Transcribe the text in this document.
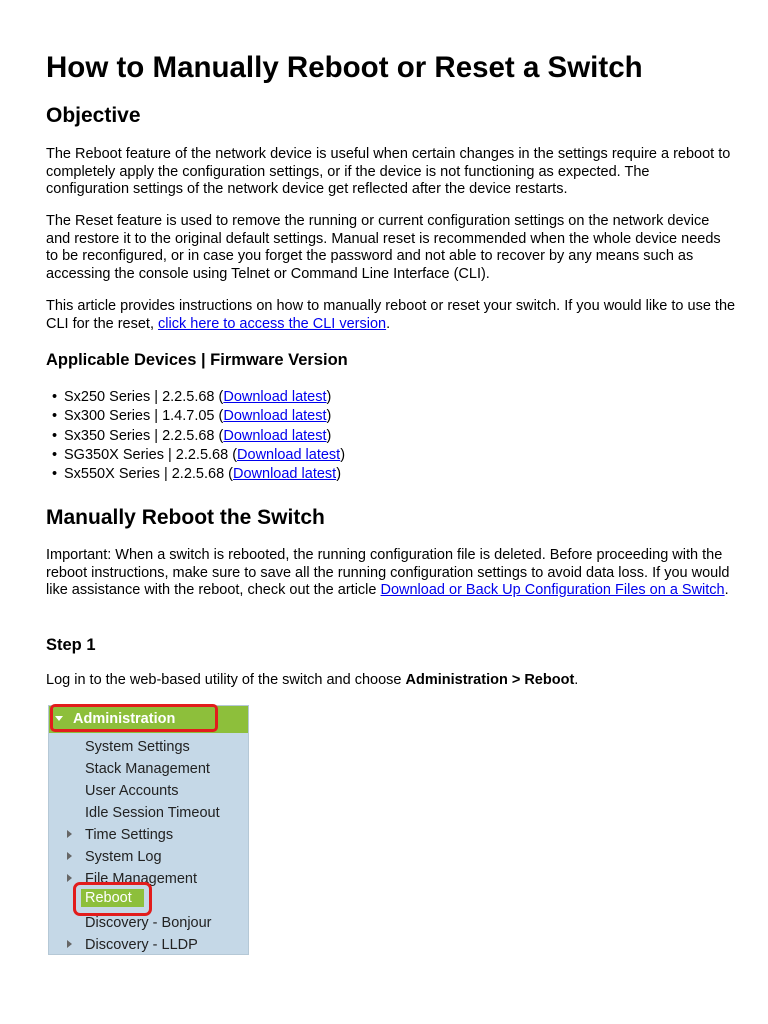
How to Manually Reboot or Reset a Switch
Objective

The Reboot feature of the network device is useful when certain changes in the settings require a reboot to completely apply the configuration settings, or if the device is not functioning as expected. The configuration settings of the network device get reflected after the device restarts.

The Reset feature is used to remove the running or current configuration settings on the network device and restore it to the original default settings. Manual reset is recommended when the whole device needs to be reconfigured, or in case you forget the password and not able to recover by any means such as accessing the console using Telnet or Command Line Interface (CLI).

This article provides instructions on how to manually reboot or reset your switch. If you would like to use the CLI for the reset, click here to access the CLI version.

Applicable Devices | Firmware Version
• Sx250 Series | 2.2.5.68 (Download latest)
• Sx300 Series | 1.4.7.05 (Download latest)
• Sx350 Series | 2.2.5.68 (Download latest)
• SG350X Series | 2.2.5.68 (Download latest)
• Sx550X Series | 2.2.5.68 (Download latest)
Manually Reboot the Switch

Important: When a switch is rebooted, the running configuration file is deleted. Before proceeding with the reboot instructions, make sure to save all the running configuration settings to avoid data loss. If you would like assistance with the reboot, check out the article Download or Back Up Configuration Files on a Switch.

Step 1

Log in to the web-based utility of the switch and choose Administration > Reboot.

Administration
System Settings
Stack Management
User Accounts
Idle Session Timeout
Time Settings
System Log
File Management
Reboot
Discovery - Bonjour
Discovery - LLDP
